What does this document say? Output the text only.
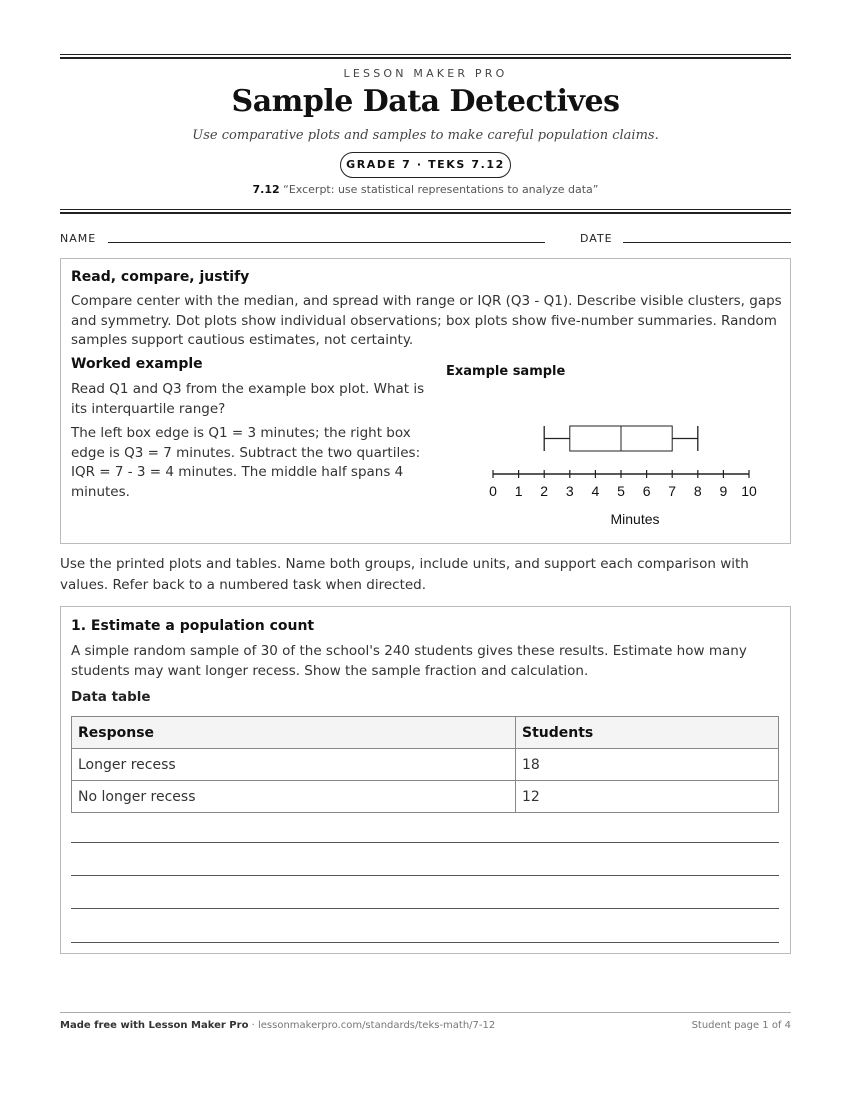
LESSON MAKER PRO
Sample Data Detectives
Use comparative plots and samples to make careful population claims.
GRADE 7 · TEKS 7.12
7.12 “Excerpt: use statistical representations to analyze data”
NAME	DATE
Read, compare, justify
Compare center with the median, and spread with range or IQR (Q3 - Q1). Describe visible clusters, gaps and symmetry. Dot plots show individual observations; box plots show five-number summaries. Random samples support cautious estimates, not certainty.
Worked example
Read Q1 and Q3 from the example box plot. What is its interquartile range?
The left box edge is Q1 = 3 minutes; the right box edge is Q3 = 7 minutes. Subtract the two quartiles: IQR = 7 - 3 = 4 minutes. The middle half spans 4 minutes.
Example sample
0 1 2 3 4 5 6 7 8 9 10
Minutes
Use the printed plots and tables. Name both groups, include units, and support each comparison with values. Refer back to a numbered task when directed.
1. Estimate a population count
A simple random sample of 30 of the school's 240 students gives these results. Estimate how many students may want longer recess. Show the sample fraction and calculation.
Data table
Response	Students
Longer recess	18
No longer recess	12
Made free with Lesson Maker Pro · lessonmakerpro.com/standards/teks-math/7-12	Student page 1 of 4
